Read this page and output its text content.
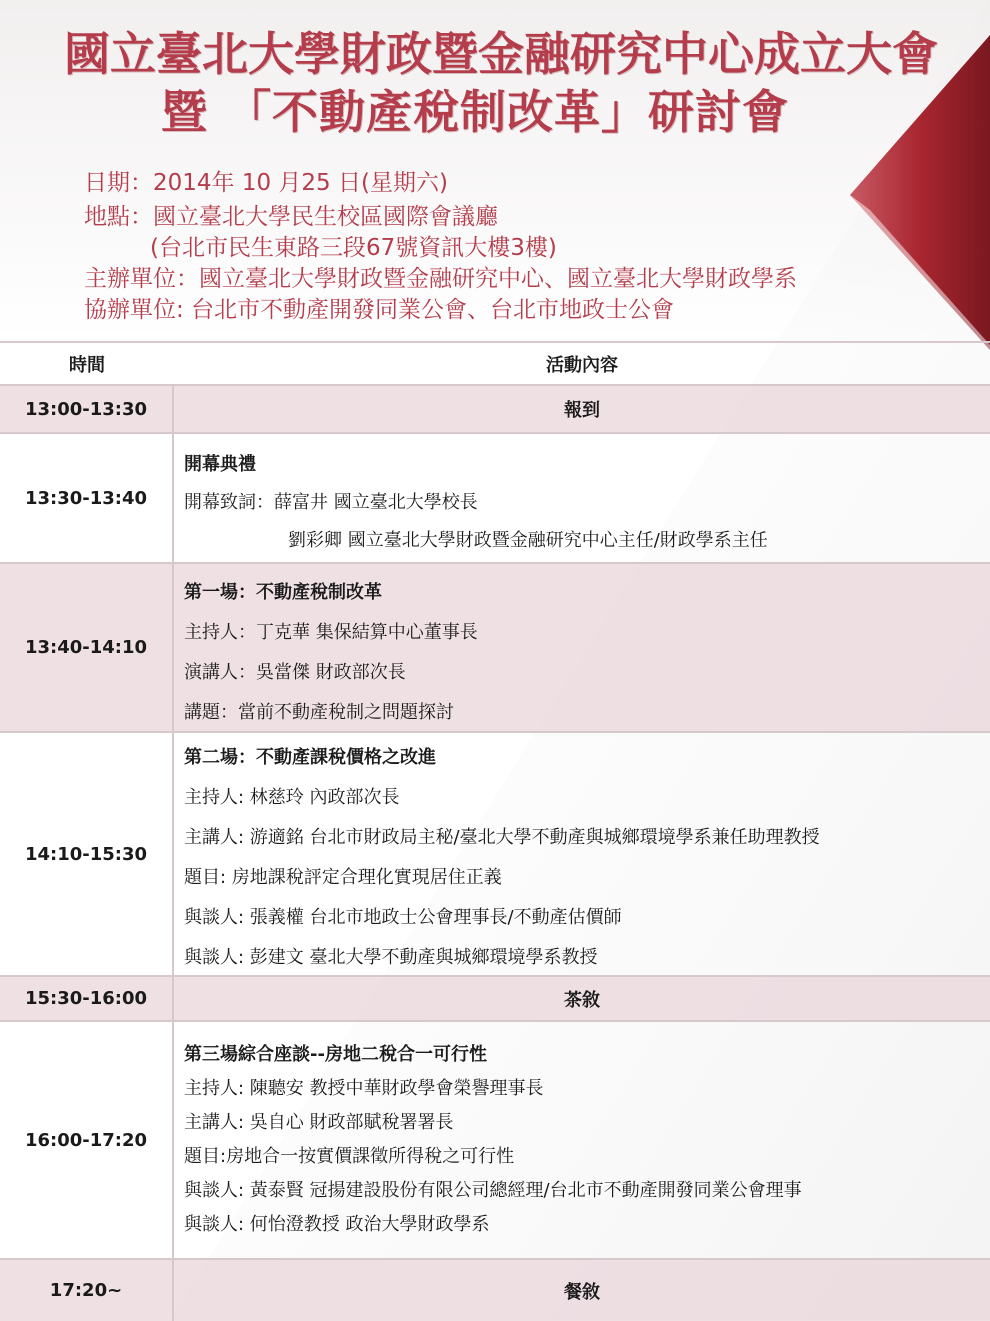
國立臺北大學財政暨金融研究中心成立大會
暨 「不動產稅制改革」研討會
日期：2014年 10 月25 日(星期六)
地點：國立臺北大學民生校區國際會議廳
(台北市民生東路三段67號資訊大樓3樓)
主辦單位：國立臺北大學財政暨金融研究中心、國立臺北大學財政學系
協辦單位: 台北市不動產開發同業公會、台北市地政士公會
時間	活動內容
13:00-13:30	報到
13:30-13:40
開幕典禮
開幕致詞：薛富井 國立臺北大學校長
劉彩卿 國立臺北大學財政暨金融研究中心主任/財政學系主任
13:40-14:10
第一場：不動產稅制改革
主持人：丁克華 集保結算中心董事長
演講人：吳當傑 財政部次長
講題：當前不動產稅制之問題探討
14:10-15:30
第二場：不動產課稅價格之改進
主持人: 林慈玲 內政部次長
主講人: 游適銘 台北市財政局主秘/臺北大學不動產與城鄉環境學系兼任助理教授
題目: 房地課稅評定合理化實現居住正義
與談人: 張義權 台北市地政士公會理事長/不動產估價師
與談人: 彭建文 臺北大學不動產與城鄉環境學系教授
15:30-16:00	茶敘
16:00-17:20
第三場綜合座談--房地二稅合一可行性
主持人: 陳聽安 教授中華財政學會榮譽理事長
主講人: 吳自心 財政部賦稅署署長
題目:房地合一按實價課徵所得稅之可行性
與談人: 黃泰賢 冠揚建設股份有限公司總經理/台北市不動產開發同業公會理事
與談人: 何怡澄教授 政治大學財政學系
17:20~	餐敘
